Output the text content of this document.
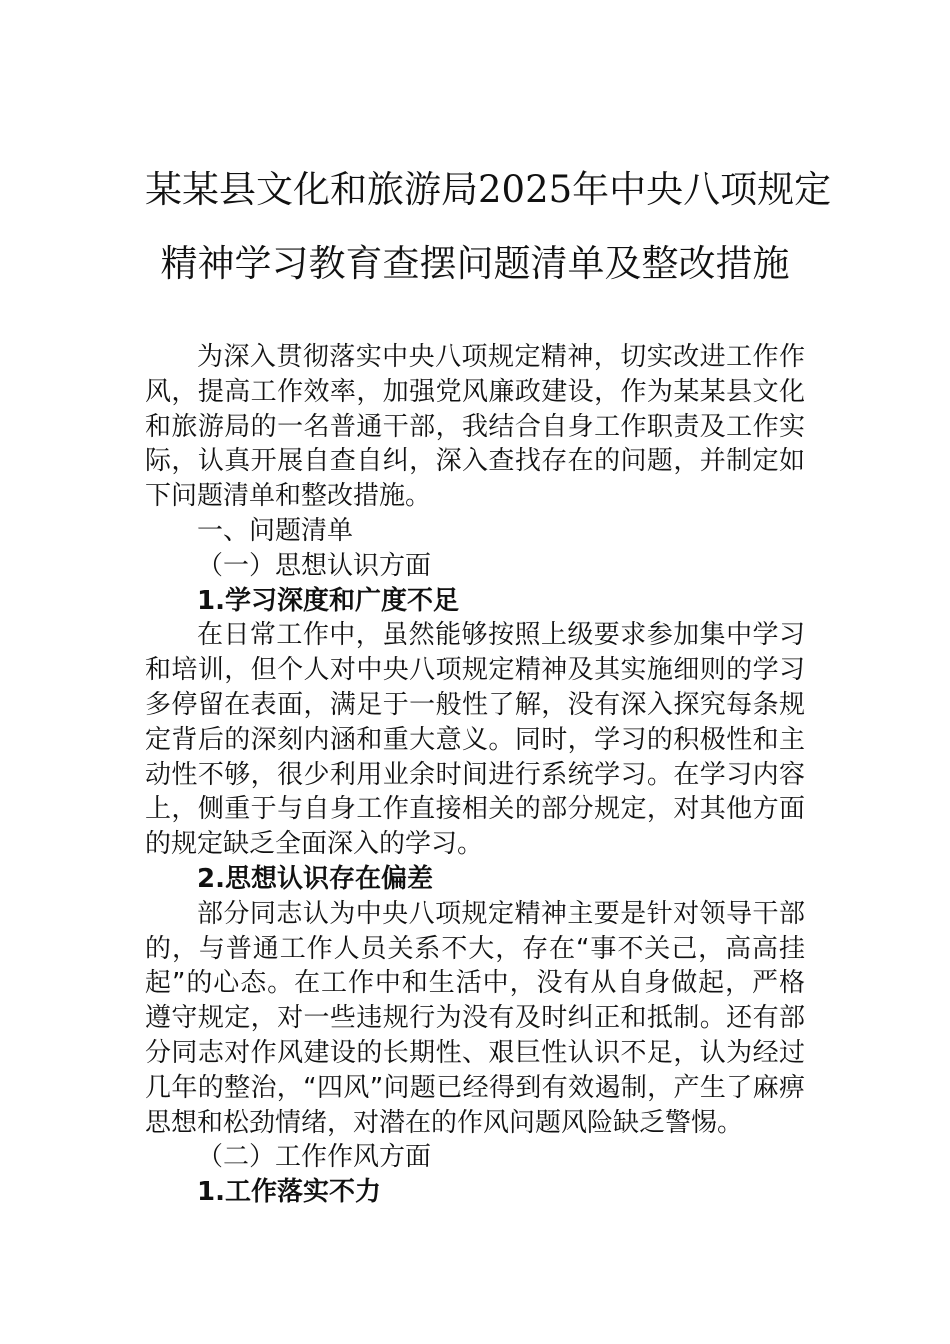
某某县文化和旅游局2025年中央八项规定
精神学习教育查摆问题清单及整改措施

为深入贯彻落实中央八项规定精神，切实改进工作作风，提高工作效率，加强党风廉政建设，作为某某县文化和旅游局的一名普通干部，我结合自身工作职责及工作实际，认真开展自查自纠，深入查找存在的问题，并制定如下问题清单和整改措施。

一、问题清单

（一）思想认识方面

1.学习深度和广度不足

在日常工作中，虽然能够按照上级要求参加集中学习和培训，但个人对中央八项规定精神及其实施细则的学习多停留在表面，满足于一般性了解，没有深入探究每条规定背后的深刻内涵和重大意义。同时，学习的积极性和主动性不够，很少利用业余时间进行系统学习。在学习内容上，侧重于与自身工作直接相关的部分规定，对其他方面的规定缺乏全面深入的学习。

2.思想认识存在偏差

部分同志认为中央八项规定精神主要是针对领导干部的，与普通工作人员关系不大，存在“事不关己，高高挂起”的心态。在工作中和生活中，没有从自身做起，严格遵守规定，对一些违规行为没有及时纠正和抵制。还有部分同志对作风建设的长期性、艰巨性认识不足，认为经过几年的整治，“四风”问题已经得到有效遏制，产生了麻痹思想和松劲情绪，对潜在的作风问题风险缺乏警惕。

（二）工作作风方面

1.工作落实不力
